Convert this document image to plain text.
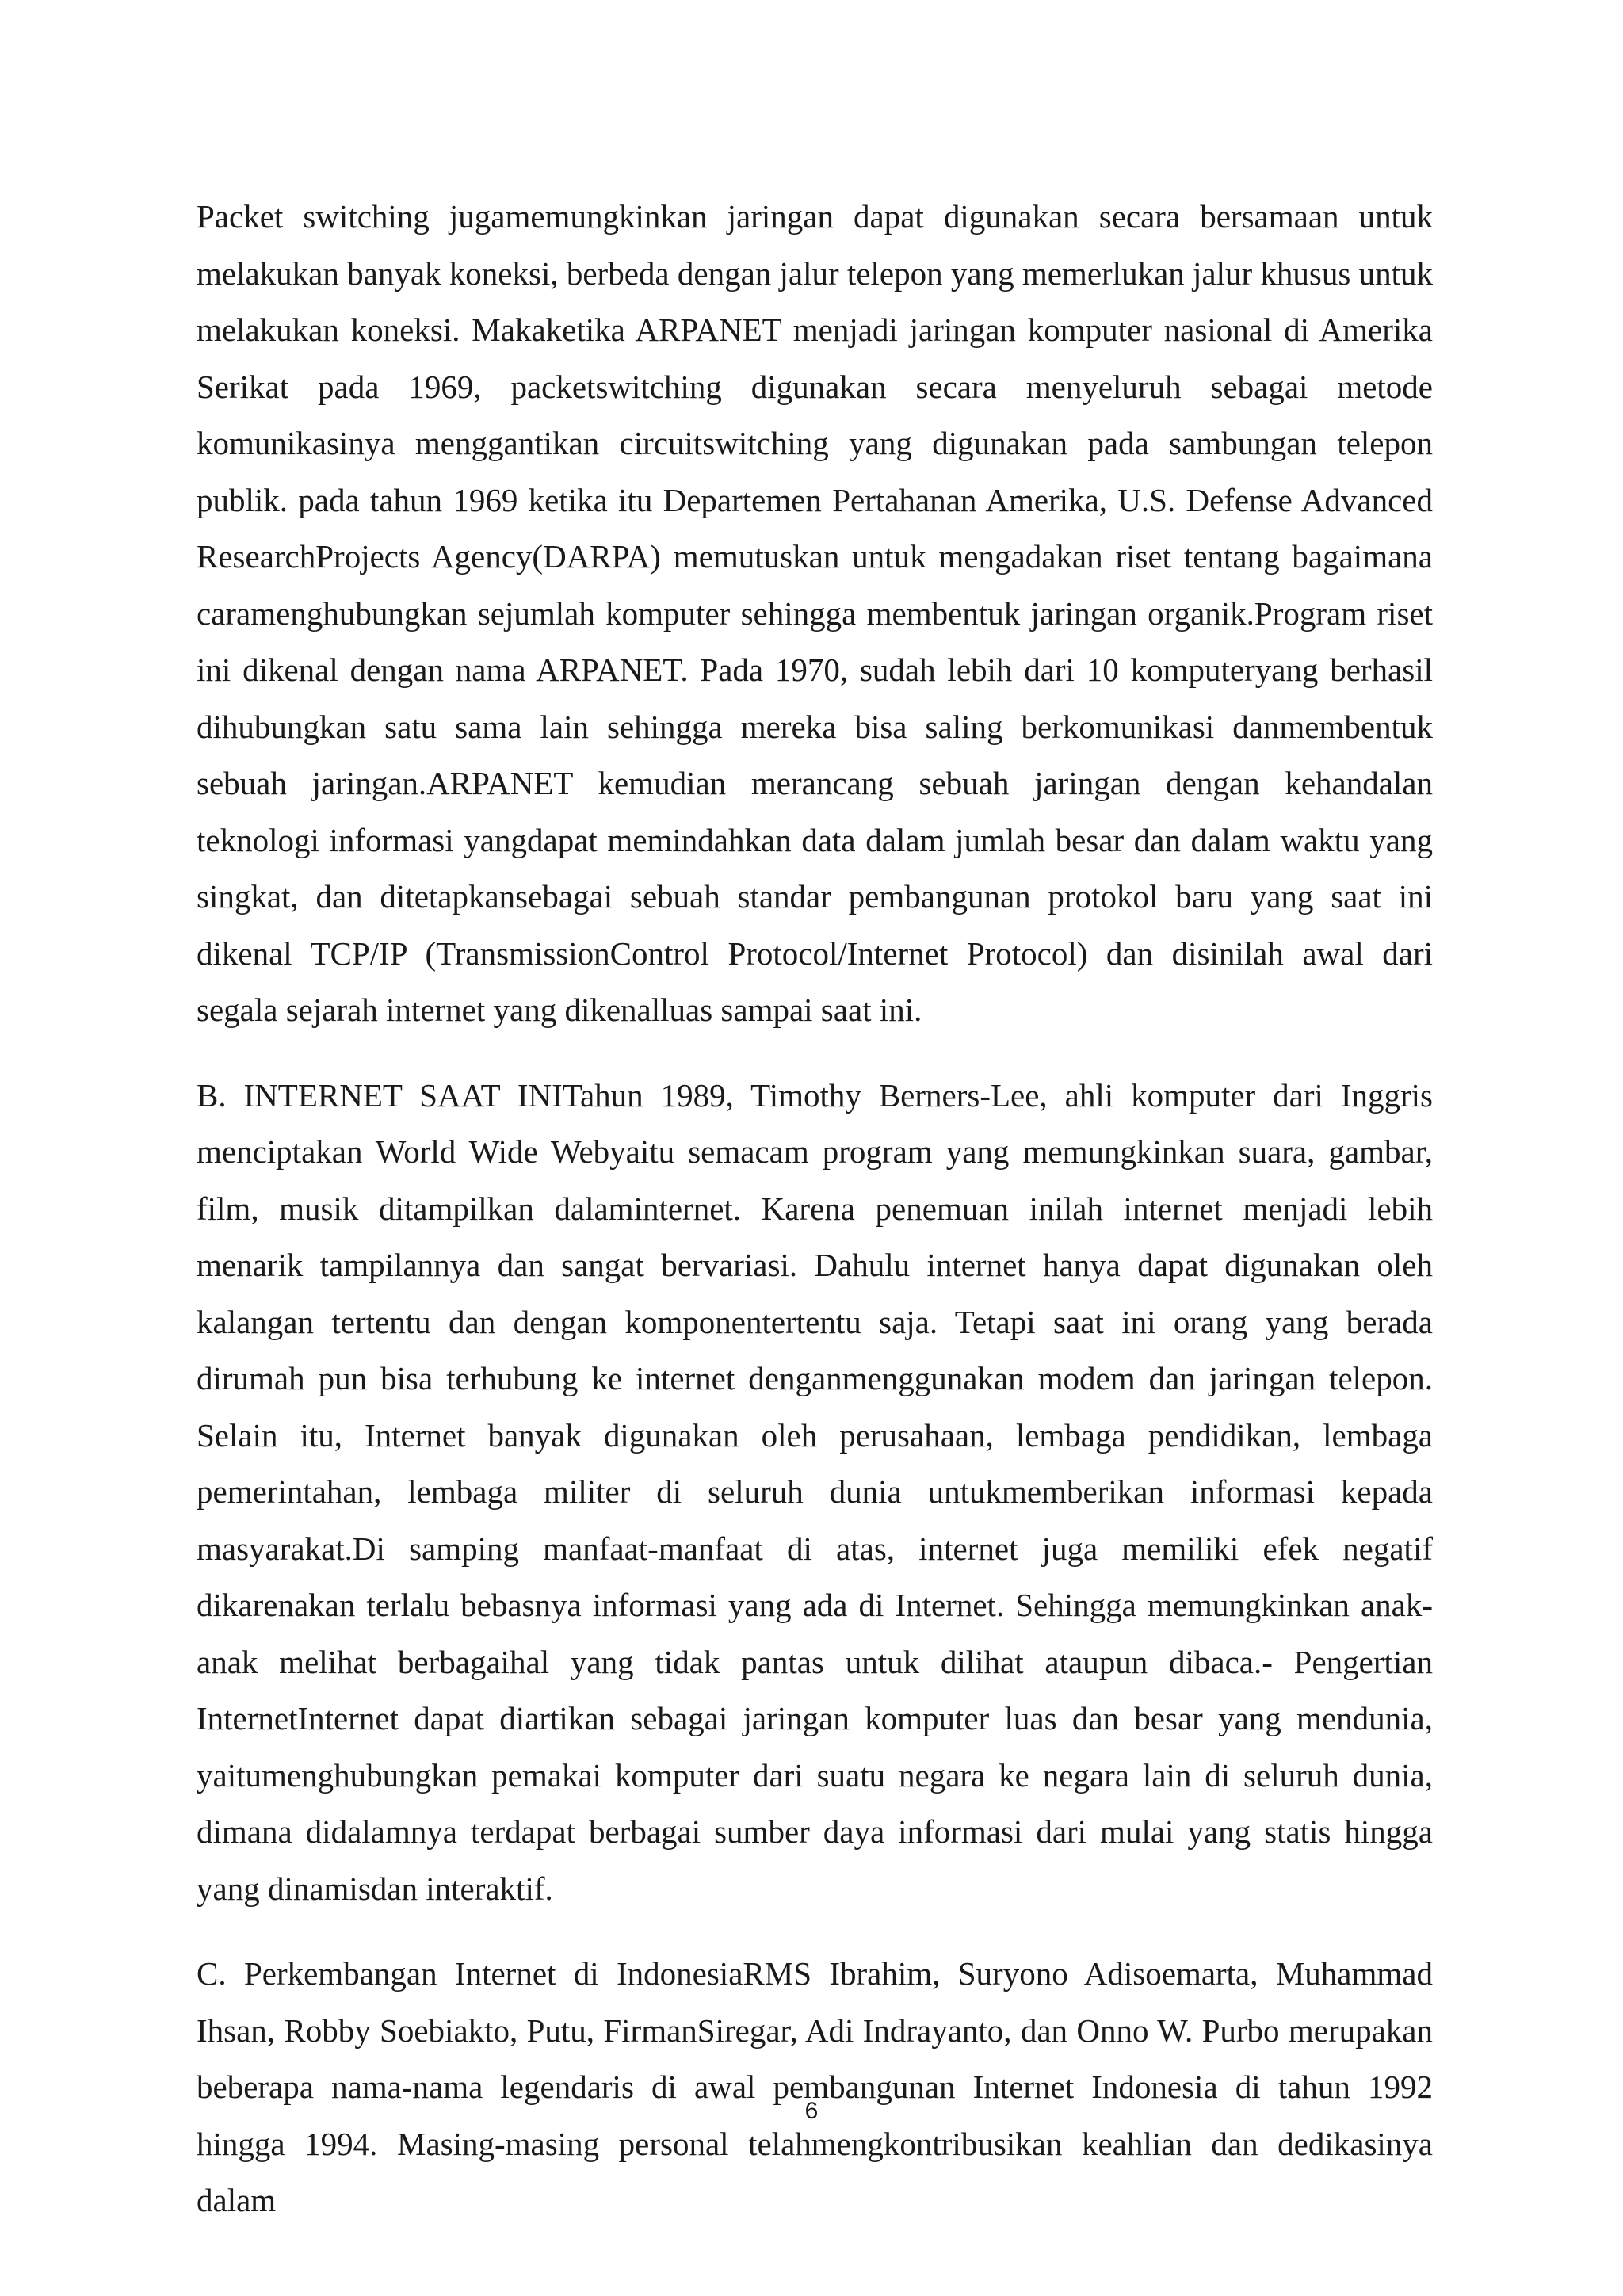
Packet switching jugamemungkinkan jaringan dapat digunakan secara bersamaan untuk melakukan banyak koneksi, berbeda dengan jalur telepon yang memerlukan jalur khusus untuk melakukan koneksi. Makaketika ARPANET menjadi jaringan komputer nasional di Amerika Serikat pada 1969, packetswitching digunakan secara menyeluruh sebagai metode komunikasinya menggantikan circuitswitching yang digunakan pada sambungan telepon publik. pada tahun 1969 ketika itu Departemen Pertahanan Amerika, U.S. Defense Advanced ResearchProjects Agency(DARPA) memutuskan untuk mengadakan riset tentang bagaimana caramenghubungkan sejumlah komputer sehingga membentuk jaringan organik.Program riset ini dikenal dengan nama ARPANET. Pada 1970, sudah lebih dari 10 komputeryang berhasil dihubungkan satu sama lain sehingga mereka bisa saling berkomunikasi danmembentuk sebuah jaringan.ARPANET kemudian merancang sebuah jaringan dengan kehandalan teknologi informasi yangdapat memindahkan data dalam jumlah besar dan dalam waktu yang singkat, dan ditetapkansebagai sebuah standar pembangunan protokol baru yang saat ini dikenal TCP/IP (TransmissionControl Protocol/Internet Protocol) dan disinilah awal dari segala sejarah internet yang dikenalluas sampai saat ini.

B. INTERNET SAAT INITahun 1989, Timothy Berners-Lee, ahli komputer dari Inggris menciptakan World Wide Webyaitu semacam program yang memungkinkan suara, gambar, film, musik ditampilkan dalaminternet. Karena penemuan inilah internet menjadi lebih menarik tampilannya dan sangat bervariasi. Dahulu internet hanya dapat digunakan oleh kalangan tertentu dan dengan komponentertentu saja. Tetapi saat ini orang yang berada dirumah pun bisa terhubung ke internet denganmenggunakan modem dan jaringan telepon. Selain itu, Internet banyak digunakan oleh perusahaan, lembaga pendidikan, lembaga pemerintahan, lembaga militer di seluruh dunia untukmemberikan informasi kepada masyarakat.Di samping manfaat-manfaat di atas, internet juga memiliki efek negatif dikarenakan terlalu bebasnya informasi yang ada di Internet. Sehingga memungkinkan anak-anak melihat berbagaihal yang tidak pantas untuk dilihat ataupun dibaca.- Pengertian InternetInternet dapat diartikan sebagai jaringan komputer luas dan besar yang mendunia, yaitumenghubungkan pemakai komputer dari suatu negara ke negara lain di seluruh dunia, dimana didalamnya terdapat berbagai sumber daya informasi dari mulai yang statis hingga yang dinamisdan interaktif.

C. Perkembangan Internet di IndonesiaRMS Ibrahim, Suryono Adisoemarta, Muhammad Ihsan, Robby Soebiakto, Putu, FirmanSiregar, Adi Indrayanto, dan Onno W. Purbo merupakan beberapa nama-nama legendaris di awal pembangunan Internet Indonesia di tahun 1992 hingga 1994. Masing-masing personal telahmengkontribusikan keahlian dan dedikasinya dalam

6
